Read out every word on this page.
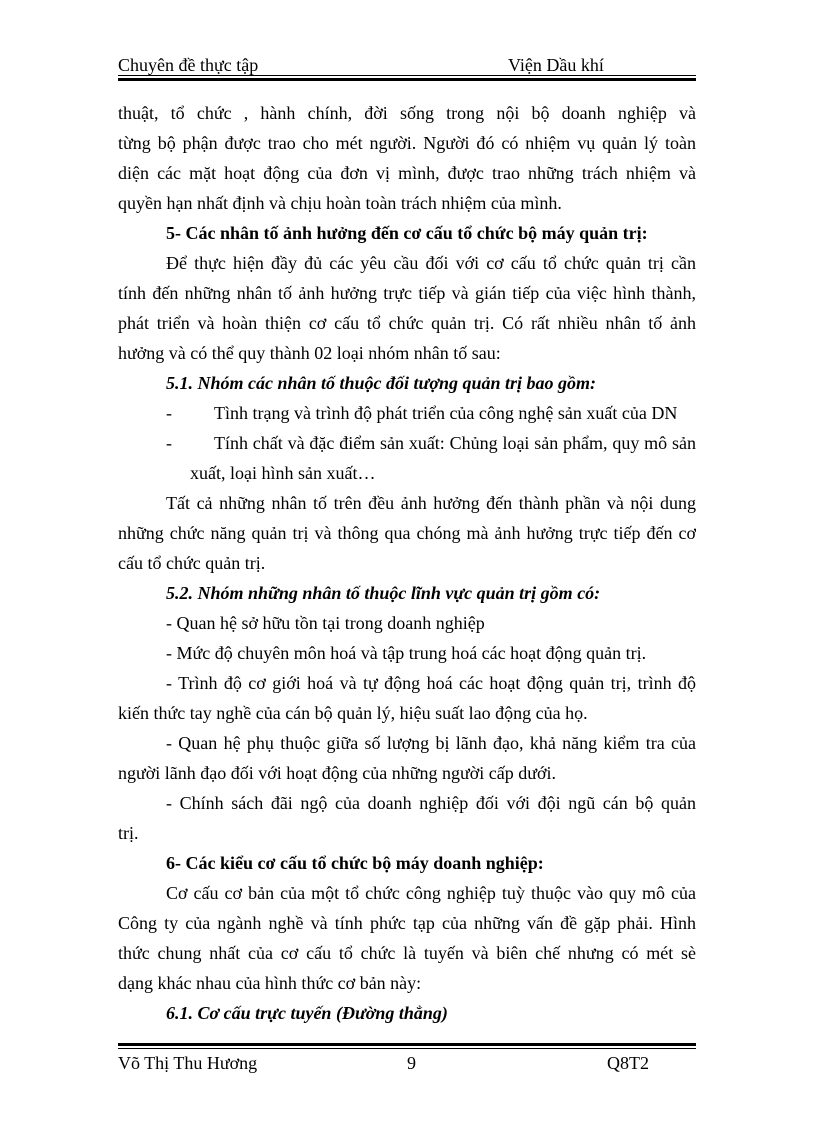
Chuyên đề thực tập	Viện Dầu khí
thuật, tổ chức , hành chính, đời sống trong nội bộ doanh nghiệp và
từng bộ phận được trao cho mét người. Người đó có nhiệm vụ quản lý toàn
diện các mặt hoạt động của đơn vị mình, được trao những trách nhiệm và
quyền hạn nhất định và chịu hoàn toàn trách nhiệm của mình.
5- Các nhân tố ảnh hưởng đến cơ cấu tổ chức bộ máy quản trị:
Để thực hiện đầy đủ các yêu cầu đối với cơ cấu tổ chức quản trị cần
tính đến những nhân tố ảnh hưởng trực tiếp và gián tiếp của việc hình thành,
phát triển và hoàn thiện cơ cấu tổ chức quản trị. Có rất nhiều nhân tố ảnh
hưởng và có thể quy thành 02 loại nhóm nhân tố sau:
5.1. Nhóm các nhân tố thuộc đối tượng quản trị bao gồm:
-	Tình trạng và trình độ phát triển của công nghệ sản xuất của DN
-	Tính chất và đặc điểm sản xuất: Chủng loại sản phẩm, quy mô sản
xuất, loại hình sản xuất…
Tất cả những nhân tố trên đều ảnh hưởng đến thành phần và nội dung
những chức năng quản trị và thông qua chóng mà ảnh hưởng trực tiếp đến cơ
cấu tổ chức quản trị.
5.2. Nhóm những nhân tố thuộc lĩnh vực quản trị gồm có:
- Quan hệ sở hữu tồn tại trong doanh nghiệp
- Mức độ chuyên môn hoá và tập trung hoá các hoạt động quản trị.
- Trình độ cơ giới hoá và tự động hoá các hoạt động quản trị, trình độ
kiến thức tay nghề của cán bộ quản lý, hiệu suất lao động của họ.
- Quan hệ phụ thuộc giữa số lượng bị lãnh đạo, khả năng kiểm tra của
người lãnh đạo đối với hoạt động của những người cấp dưới.
- Chính sách đãi ngộ của doanh nghiệp đối với đội ngũ cán bộ quản
trị.
6- Các kiểu cơ cấu tổ chức bộ máy doanh nghiệp:
Cơ cấu cơ bản của một tổ chức công nghiệp tuỳ thuộc vào quy mô của
Công ty của ngành nghề và tính phức tạp của những vấn đề gặp phải. Hình
thức chung nhất của cơ cấu tổ chức là tuyến và biên chế nhưng có mét sè
dạng khác nhau của hình thức cơ bản này:
6.1. Cơ cấu trực tuyến (Đường thẳng)
Võ Thị Thu Hương	9	Q8T2
